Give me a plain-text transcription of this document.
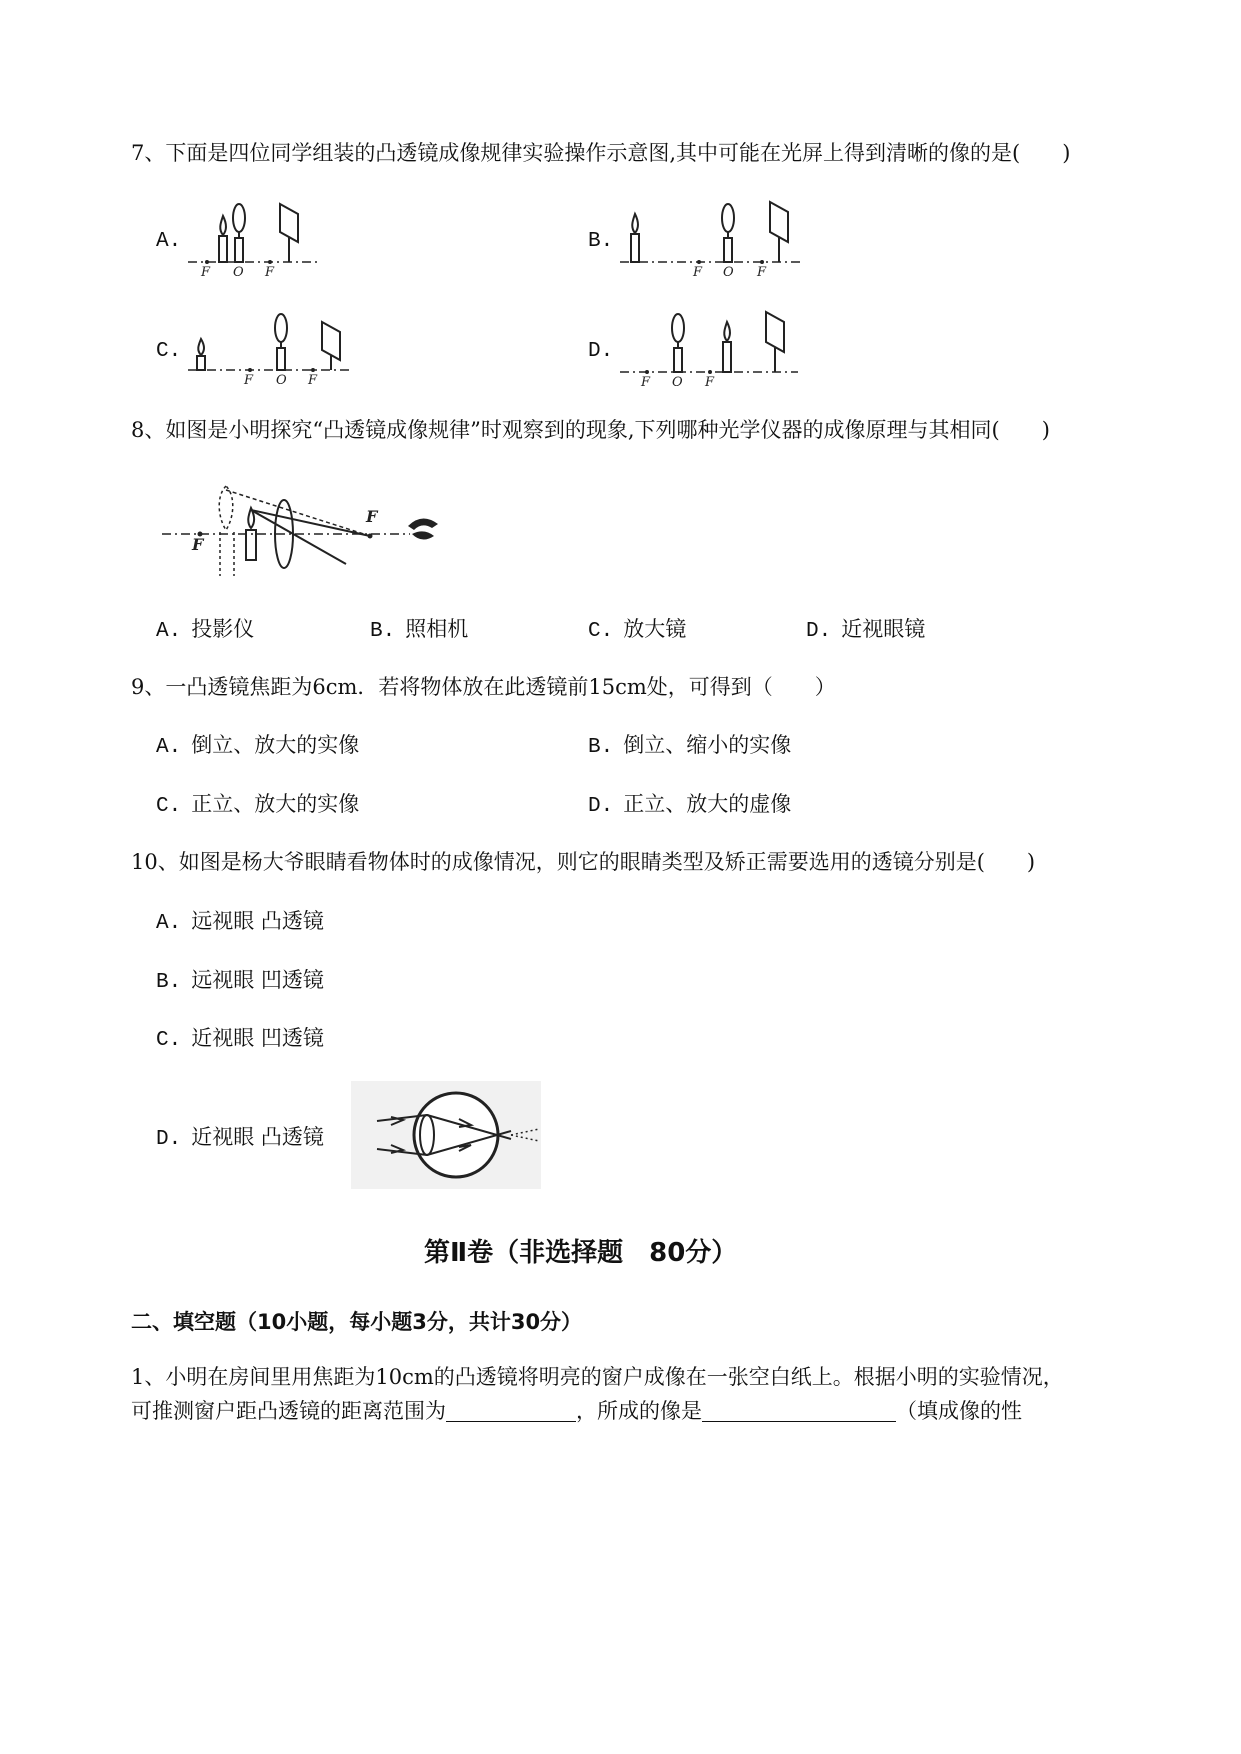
7、下面是四位同学组装的凸透镜成像规律实验操作示意图,其中可能在光屏上得到清晰的像的是(　　)
A.	B.
C.	D.
F O F	F O F
F O F	F O F
8、如图是小明探究“凸透镜成像规律”时观察到的现象,下列哪种光学仪器的成像原理与其相同(　　)
F
F
A. 投影仪	B. 照相机	C. 放大镜	D. 近视眼镜
9、一凸透镜焦距为6cm．若将物体放在此透镜前15cm处，可得到（　　）
A. 倒立、放大的实像	B. 倒立、缩小的实像
C. 正立、放大的实像	D. 正立、放大的虚像
10、如图是杨大爷眼睛看物体时的成像情况，则它的眼睛类型及矫正需要选用的透镜分别是(　　)
A. 远视眼 凸透镜
B. 远视眼 凹透镜
C. 近视眼 凹透镜
D. 近视眼 凸透镜
第Ⅱ卷（非选择题　80分）
二、填空题（10小题，每小题3分，共计30分）
1、小明在房间里用焦距为10cm的凸透镜将明亮的窗户成像在一张空白纸上。根据小明的实验情况，
可推测窗户距凸透镜的距离范围为	，所成的像是	（填成像的性
